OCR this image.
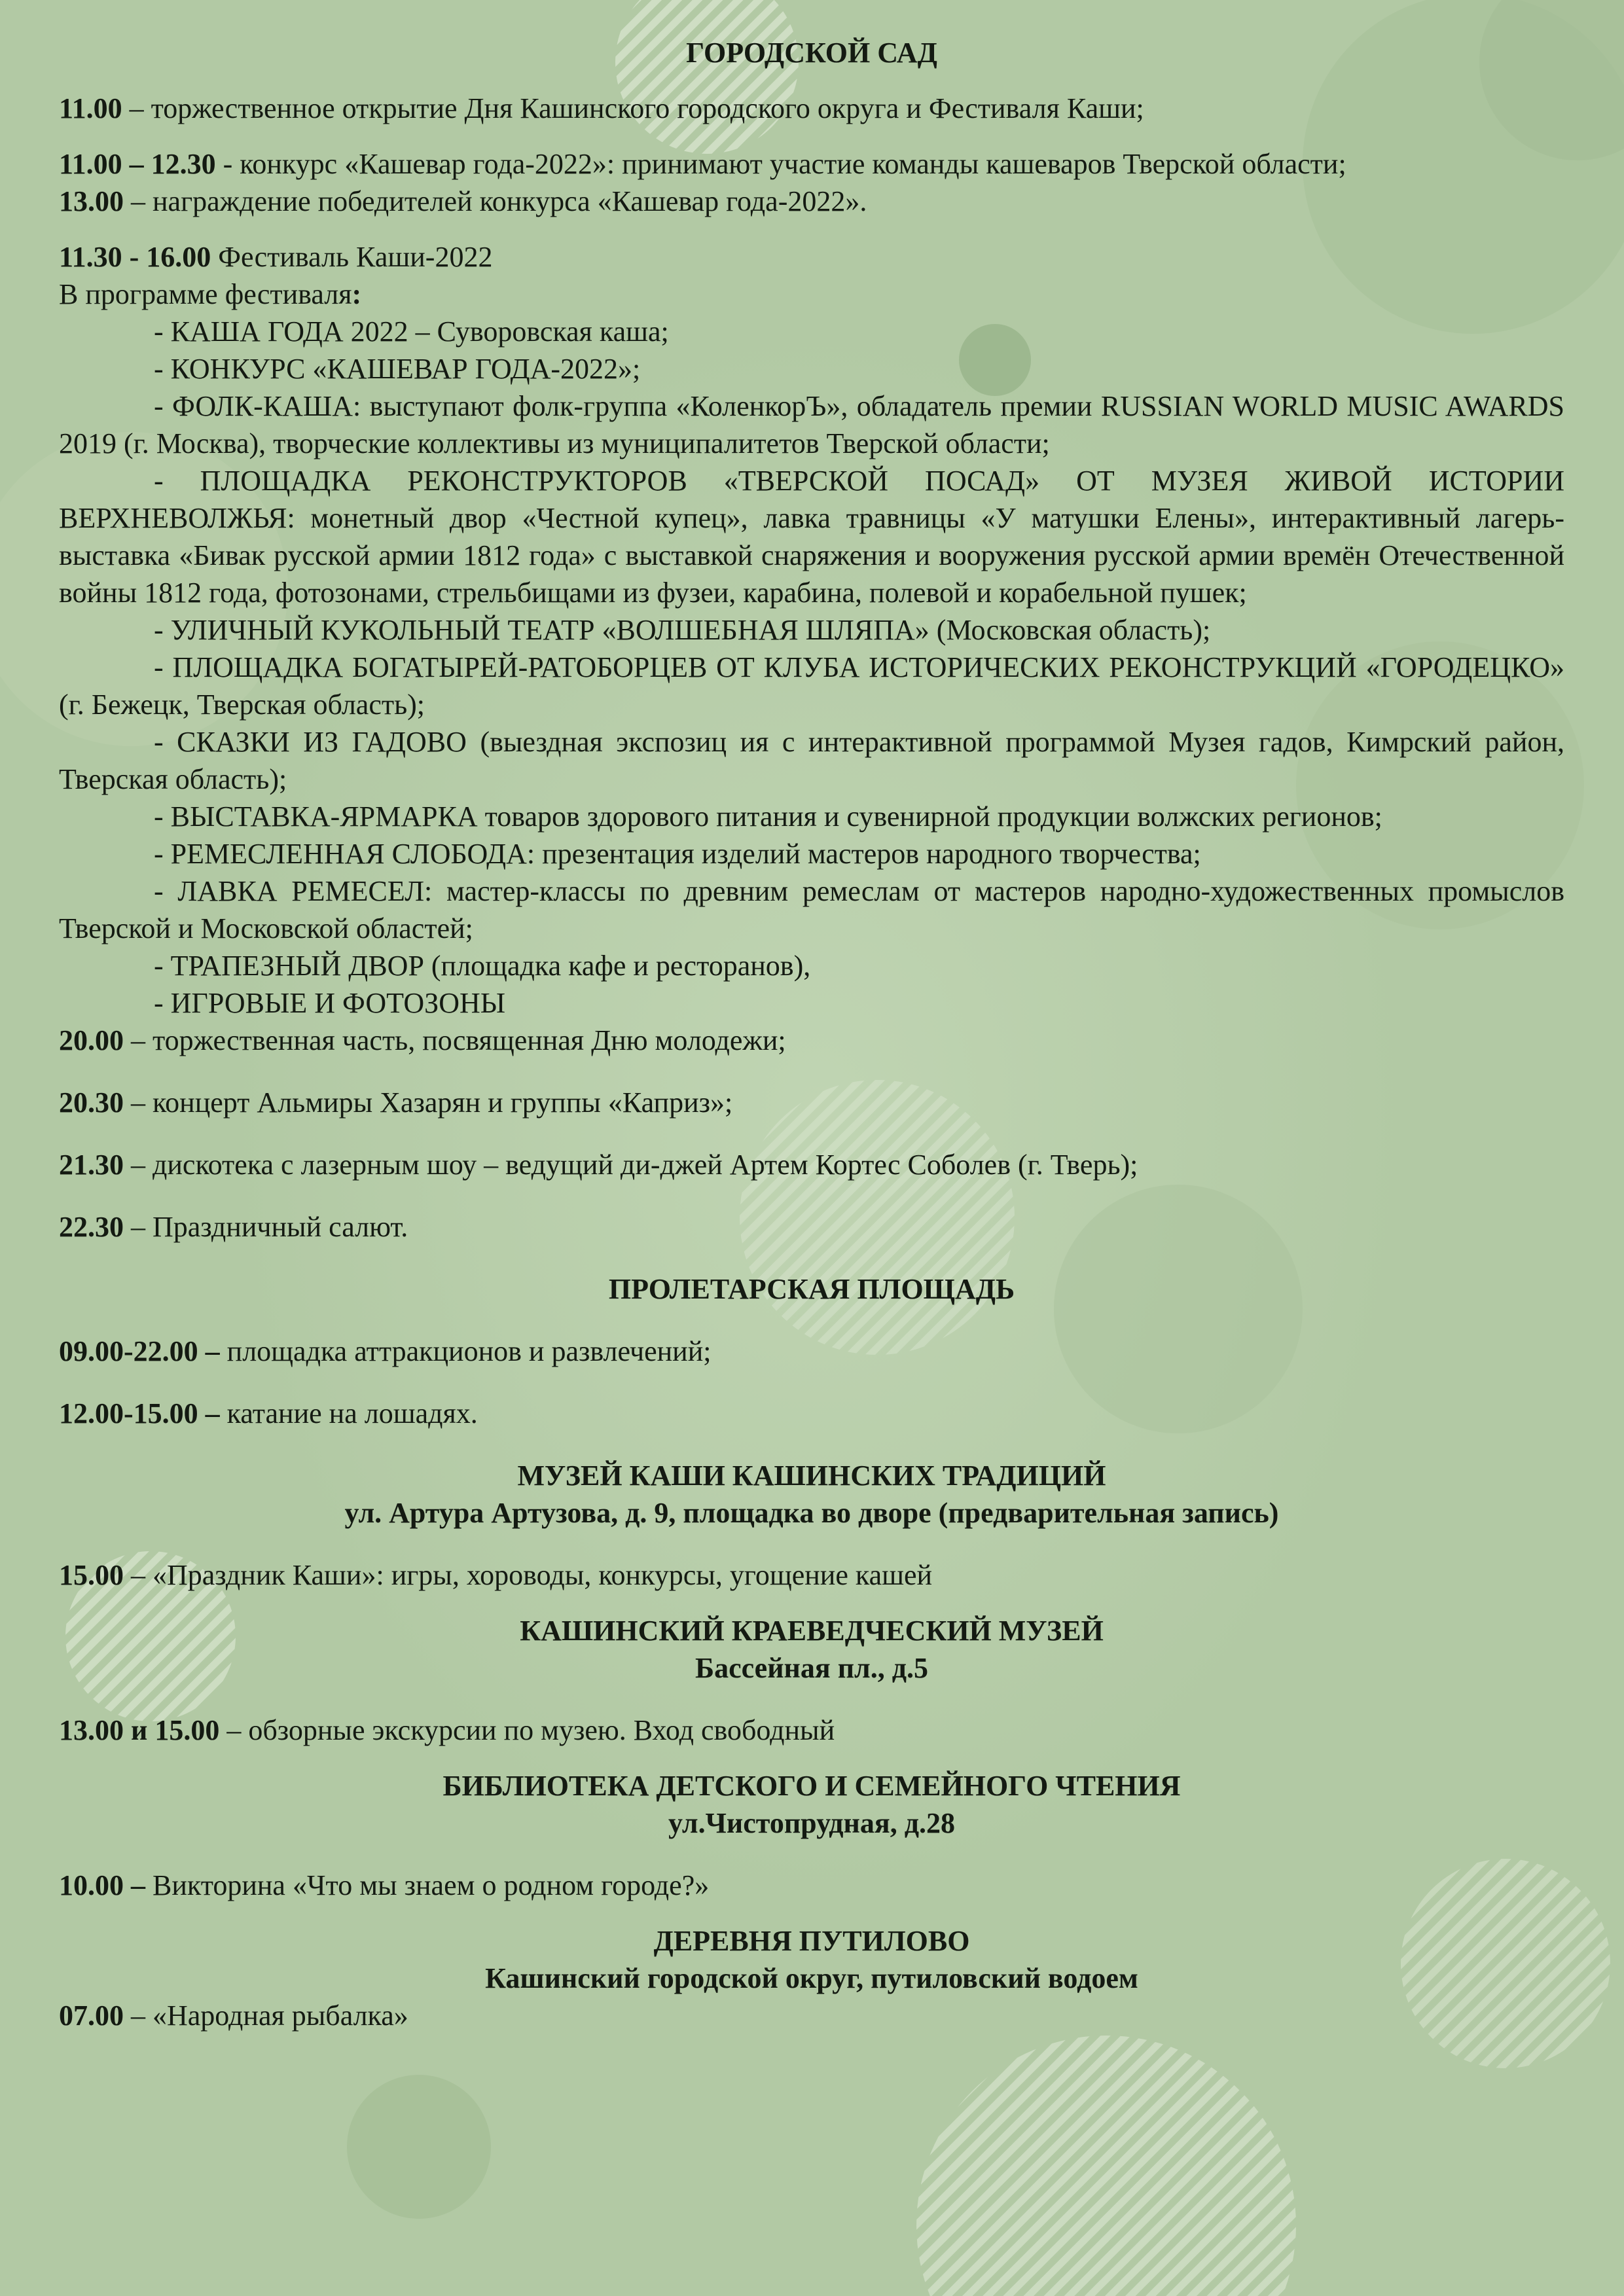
ГОРОДСКОЙ САД
11.00 – торжественное открытие Дня Кашинского городского округа и Фестиваля Каши;
11.00 – 12.30 - конкурс «Кашевар года-2022»: принимают участие команды кашеваров Тверской области;
13.00 – награждение победителей конкурса «Кашевар года-2022».
11.30 - 16.00 Фестиваль Каши-2022
В программе фестиваля:
- КАША ГОДА 2022 – Суворовская каша;
- КОНКУРС «КАШЕВАР ГОДА-2022»;
- ФОЛК-КАША: выступают фолк-группа «КоленкорЪ», обладатель премии RUSSIAN WORLD MUSIC AWARDS 2019 (г. Москва), творческие коллективы из муниципалитетов Тверской области;
- ПЛОЩАДКА РЕКОНСТРУКТОРОВ «ТВЕРСКОЙ ПОСАД» ОТ МУЗЕЯ ЖИВОЙ ИСТОРИИ ВЕРХНЕВОЛЖЬЯ: монетный двор «Честной купец», лавка травницы «У матушки Елены», интерактивный лагерь-выставка «Бивак русской армии 1812 года» с выставкой снаряжения и вооружения русской армии времён Отечественной войны 1812 года, фотозонами, стрельбищами из фузеи, карабина, полевой и корабельной пушек;
- УЛИЧНЫЙ КУКОЛЬНЫЙ ТЕАТР «ВОЛШЕБНАЯ ШЛЯПА» (Московская область);
- ПЛОЩАДКА БОГАТЫРЕЙ-РАТОБОРЦЕВ ОТ КЛУБА ИСТОРИЧЕСКИХ РЕКОНСТРУКЦИЙ «ГОРОДЕЦКО» (г. Бежецк, Тверская область);
- СКАЗКИ ИЗ ГАДОВО (выездная экспозиц ия с интерактивной программой Музея гадов, Кимрский район, Тверская область);
- ВЫСТАВКА-ЯРМАРКА товаров здорового питания и сувенирной продукции волжских регионов;
- РЕМЕСЛЕННАЯ СЛОБОДА: презентация изделий мастеров народного творчества;
- ЛАВКА РЕМЕСЕЛ: мастер-классы по древним ремеслам от мастеров народно-художественных промыслов Тверской и Московской областей;
- ТРАПЕЗНЫЙ ДВОР (площадка кафе и ресторанов),
- ИГРОВЫЕ И ФОТОЗОНЫ
20.00 – торжественная часть, посвященная Дню молодежи;
20.30 – концерт Альмиры Хазарян и группы «Каприз»;
21.30 – дискотека с лазерным шоу – ведущий ди-джей Артем Кортес Соболев (г. Тверь);
22.30 – Праздничный салют.
ПРОЛЕТАРСКАЯ ПЛОЩАДЬ
09.00-22.00 – площадка аттракционов и развлечений;
12.00-15.00 – катание на лошадях.
МУЗЕЙ КАШИ КАШИНСКИХ ТРАДИЦИЙ
ул. Артура Артузова, д. 9, площадка во дворе (предварительная запись)
15.00 – «Праздник Каши»: игры, хороводы, конкурсы, угощение кашей
КАШИНСКИЙ КРАЕВЕДЧЕСКИЙ МУЗЕЙ
Бассейная пл., д.5
13.00 и 15.00 – обзорные экскурсии по музею. Вход свободный
БИБЛИОТЕКА ДЕТСКОГО И СЕМЕЙНОГО ЧТЕНИЯ
ул.Чистопрудная, д.28
10.00 – Викторина «Что мы знаем о родном городе?»
ДЕРЕВНЯ ПУТИЛОВО
Кашинский городской округ, путиловский водоем
07.00 – «Народная рыбалка»
